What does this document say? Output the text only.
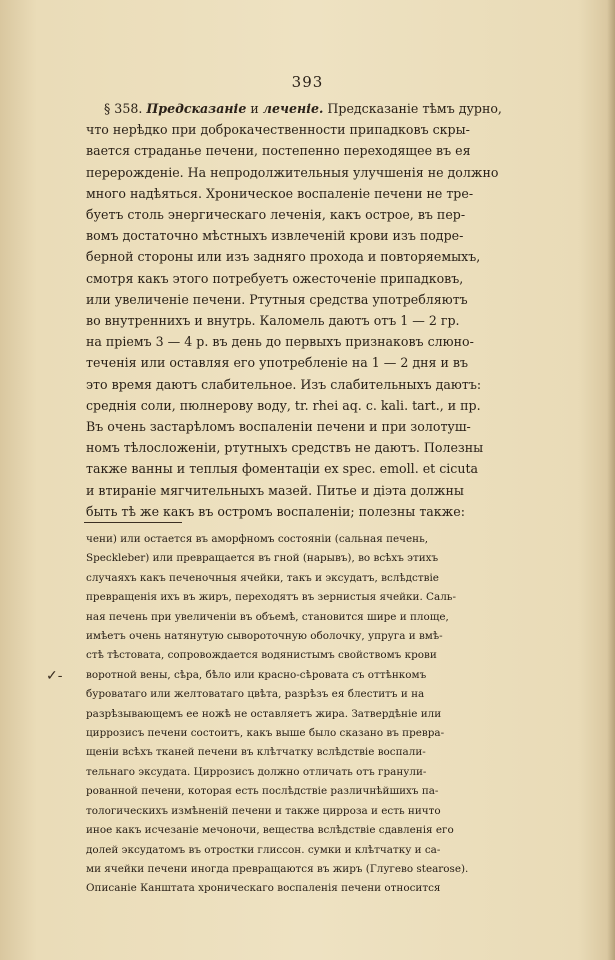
393
§ 358. Предсказаніе и леченіе. Предсказаніе тѣмъ дурно,
что нерѣдко при доброкачественности припадковъ скры-
вается страданье печени, постепенно переходящее въ ея
перерожденіе. На непродолжительныя улучшенія не должно
много надѣяться. Хроническое воспаленіе печени не тре-
буетъ столь энергическаго леченія, какъ острое, въ пер-
вомъ достаточно мѣстныхъ извлеченій крови изъ подре-
берной стороны или изъ задняго прохода и повторяемыхъ,
смотря какъ этого потребуетъ ожесточеніе припадковъ,
или увеличеніе печени. Ртутныя средства употребляютъ
во внутреннихъ и внутрь. Каломель даютъ отъ 1 — 2 гр.
на пріемъ 3 — 4 р. въ день до первыхъ признаковъ слюно-
теченія или оставляя его употребленіе на 1 — 2 дня и въ
это время даютъ слабительное. Изъ слабительныхъ даютъ:
среднія соли, пюлнерову воду, tr. rhei aq. c. kali. tart., и пр.
Въ очень застарѣломъ воспаленіи печени и при золотуш-
номъ тѣлосложеніи, ртутныхъ средствъ не даютъ. Полезны
также ванны и теплыя фоментаціи ex spec. emoll. et cicuta
и втираніе мягчительныхъ мазей. Питье и діэта должны
быть тѣ же какъ въ остромъ воспаленіи; полезны также:
✓-
чени) или остается въ аморфномъ состояніи (сальная печень,
Speckleber) или превращается въ гной (нарывъ), во всѣхъ этихъ
случаяхъ какъ печеночныя ячейки, такъ и эксудатъ, вслѣдствіе
превращенія ихъ въ жиръ, переходятъ въ зернистыя ячейки. Саль-
ная печень при увеличеніи въ объемѣ, становится шире и площе,
имѣетъ очень натянутую сывороточную оболочку, упруга и вмѣ-
стѣ тѣстовата, сопровождается водянистымъ свойствомъ крови
воротной вены, сѣра, бѣло или красно-сѣровата съ оттѣнкомъ
буроватаго или желтоватаго цвѣта, разрѣзъ ея блеститъ и на
разрѣзывающемъ ее ножѣ не оставляетъ жира. Затвердѣніе или
циррозисъ печени состоитъ, какъ выше было сказано въ превра-
щеніи всѣхъ тканей печени въ клѣтчатку вслѣдствіе воспали-
тельнаго эксудата. Циррозисъ должно отличать отъ гранули-
рованной печени, которая есть послѣдствіе различнѣйшихъ па-
тологическихъ измѣненій печени и также цирроза и есть ничто
иное какъ исчезаніе мечоночи, вещества вслѣдствіе сдавленія его
долей эксудатомъ въ отростки глиссон. сумки и клѣтчатку и са-
ми ячейки печени иногда превращаются въ жиръ (Глугево stearose).
Описаніе Канштата хроническаго воспаленія печени относится
